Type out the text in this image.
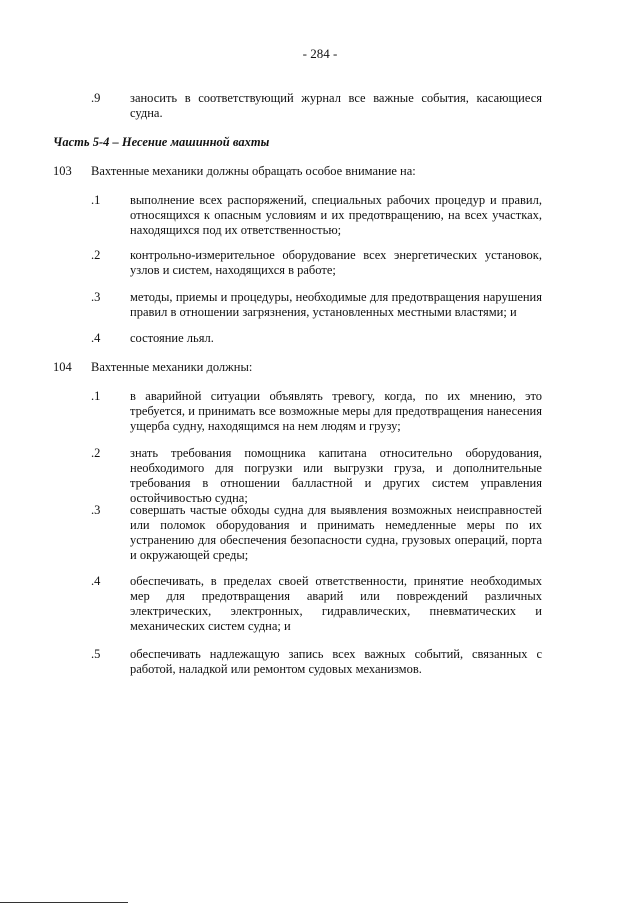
- 284 -
.9 заносить в соответствующий журнал все важные события, касающиеся судна.
Часть 5-4 – Несение машинной вахты
103 Вахтенные механики должны обращать особое внимание на:
.1 выполнение всех распоряжений, специальных рабочих процедур и правил, относящихся к опасным условиям и их предотвращению, на всех участках, находящихся под их ответственностью;
.2 контрольно-измерительное оборудование всех энергетических установок, узлов и систем, находящихся в работе;
.3 методы, приемы и процедуры, необходимые для предотвращения нарушения правил в отношении загрязнения, установленных местными властями; и
.4 состояние льял.
104 Вахтенные механики должны:
.1 в аварийной ситуации объявлять тревогу, когда, по их мнению, это требуется, и принимать все возможные меры для предотвращения нанесения ущерба судну, находящимся на нем людям и грузу;
.2 знать требования помощника капитана относительно оборудования, необходимого для погрузки или выгрузки груза, и дополнительные требования в отношении балластной и других систем управления остойчивостью судна;
.3 совершать частые обходы судна для выявления возможных неисправностей или поломок оборудования и принимать немедленные меры по их устранению для обеспечения безопасности судна, грузовых операций, порта и окружающей среды;
.4 обеспечивать, в пределах своей ответственности, принятие необходимых мер для предотвращения аварий или повреждений различных электрических, электронных, гидравлических, пневматических и механических систем судна; и
.5 обеспечивать надлежащую запись всех важных событий, связанных с работой, наладкой или ремонтом судовых механизмов.
